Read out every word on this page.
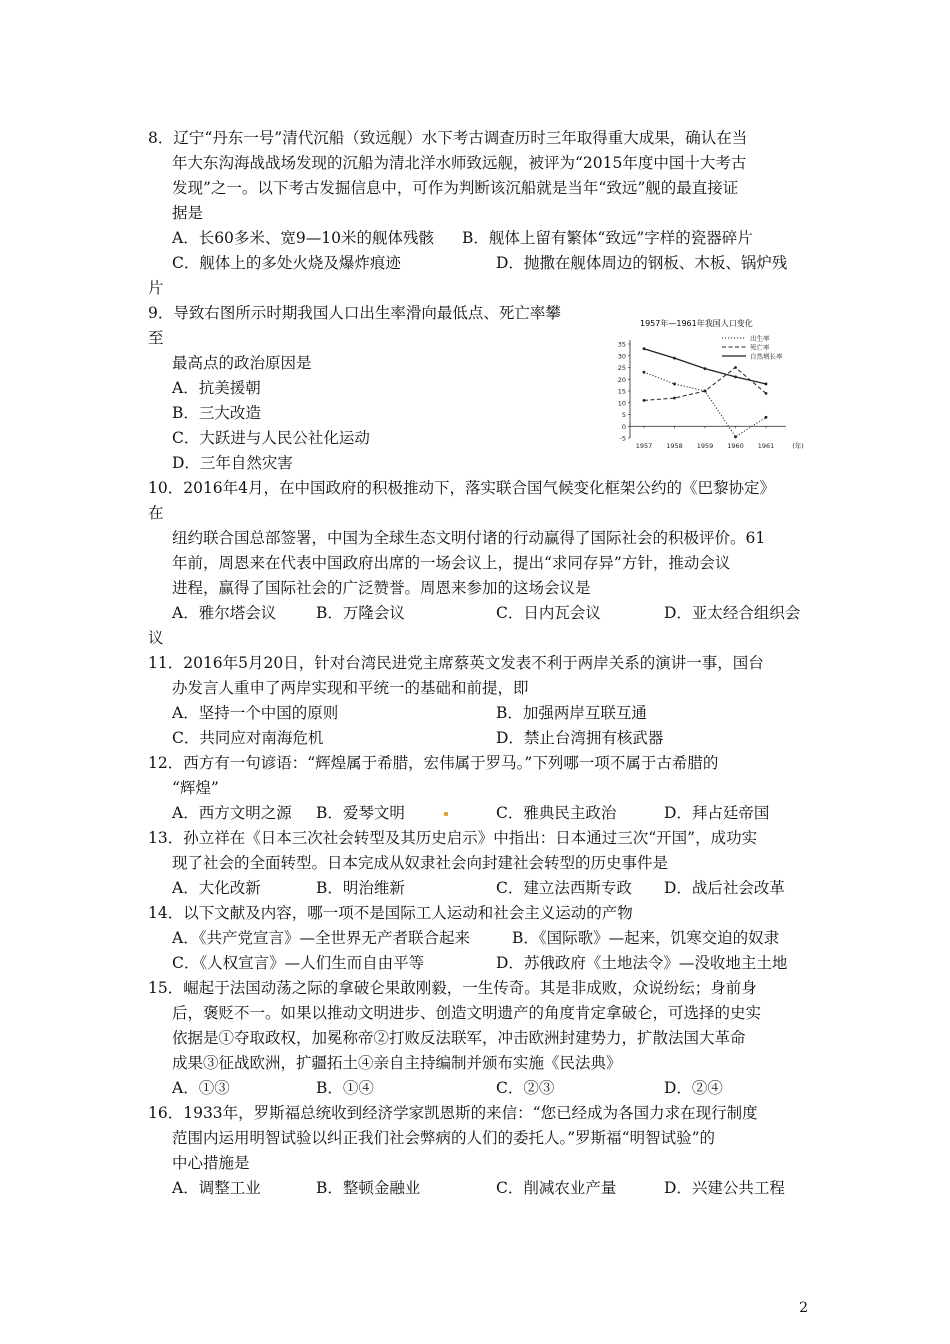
8．辽宁“丹东一号”清代沉船（致远舰）水下考古调查历时三年取得重大成果，确认在当
年大东沟海战战场发现的沉船为清北洋水师致远舰，被评为“2015年度中国十大考古
发现”之一。以下考古发掘信息中，可作为判断该沉船就是当年“致远”舰的最直接证
据是
A．长60多米、宽9—10米的舰体残骸 B．舰体上留有繁体“致远”字样的瓷器碎片
C．舰体上的多处火烧及爆炸痕迹	D．抛撒在舰体周边的钢板、木板、锅炉残
片
9．导致右图所示时期我国人口出生率滑向最低点、死亡率攀
至
最高点的政治原因是
A．抗美援朝
B．三大改造
C．大跃进与人民公社化运动
D．三年自然灾害
1957年—1961年我国人口变化
出生率
死亡率
自然增长率
-5
0
5
10
15
20
25
30
35
1957 1958 1959 1960 1961	(年)
10．2016年4月，在中国政府的积极推动下，落实联合国气候变化框架公约的《巴黎协定》
在
纽约联合国总部签署，中国为全球生态文明付诸的行动赢得了国际社会的积极评价。61
年前，周恩来在代表中国政府出席的一场会议上，提出“求同存异”方针，推动会议
进程，赢得了国际社会的广泛赞誉。周恩来参加的这场会议是
A．雅尔塔会议	B．万隆会议	C．日内瓦会议	D．亚太经合组织会
议
11．2016年5月20日，针对台湾民进党主席蔡英文发表不利于两岸关系的演讲一事，国台
办发言人重申了两岸实现和平统一的基础和前提，即
A．坚持一个中国的原则	B．加强两岸互联互通
C．共同应对南海危机	D．禁止台湾拥有核武器
12．西方有一句谚语：“辉煌属于希腊，宏伟属于罗马。”下列哪一项不属于古希腊的
“辉煌”
A．西方文明之源 B．爱琴文明	C．雅典民主政治	D．拜占廷帝国
13．孙立祥在《日本三次社会转型及其历史启示》中指出：日本通过三次“开国”，成功实
现了社会的全面转型。日本完成从奴隶社会向封建社会转型的历史事件是
A．大化改新	B．明治维新	C．建立法西斯专政 D．战后社会改革
14．以下文献及内容，哪一项不是国际工人运动和社会主义运动的产物
A．《共产党宣言》—全世界无产者联合起来	B．《国际歌》—起来，饥寒交迫的奴隶
C．《人权宣言》—人们生而自由平等	D．苏俄政府《土地法令》—没收地主土地
15．崛起于法国动荡之际的拿破仑果敢刚毅，一生传奇。其是非成败，众说纷纭；身前身
后，褒贬不一。如果以推动文明进步、创造文明遗产的角度肯定拿破仑，可选择的史实
依据是①夺取政权，加冕称帝②打败反法联军，冲击欧洲封建势力，扩散法国大革命
成果③征战欧洲，扩疆拓土④亲自主持编制并颁布实施《民法典》
A．①③	B．①④	C．②③	D．②④
16．1933年，罗斯福总统收到经济学家凯恩斯的来信：“您已经成为各国力求在现行制度
范围内运用明智试验以纠正我们社会弊病的人们的委托人。”罗斯福“明智试验”的
中心措施是
A．调整工业	B．整顿金融业	C．削减农业产量	D．兴建公共工程
2
